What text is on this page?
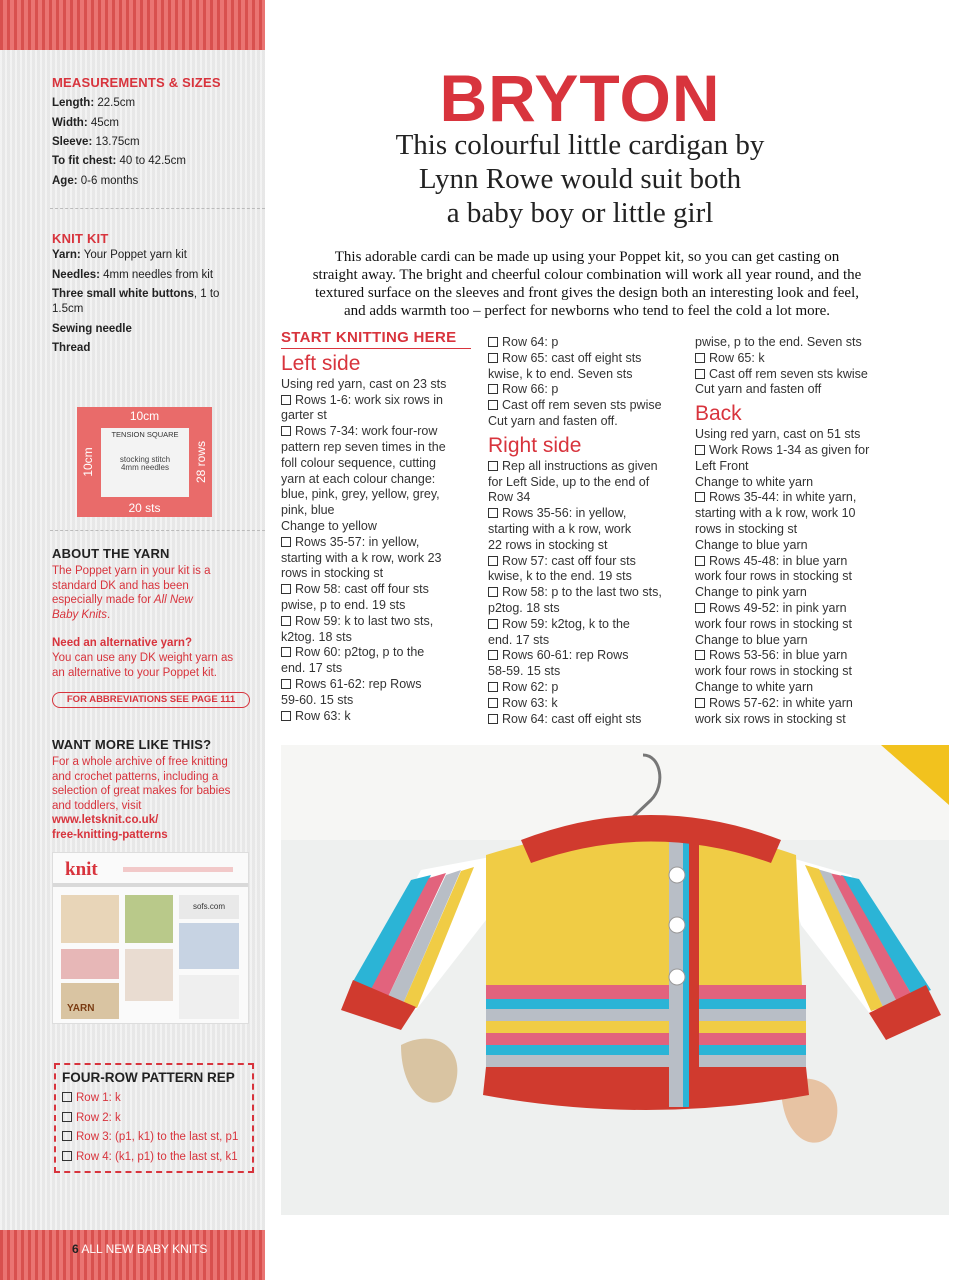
MEASUREMENTS & SIZES
Length: 22.5cm
Width: 45cm
Sleeve: 13.75cm
To fit chest: 40 to 42.5cm
Age: 0-6 months
KNIT KIT
Yarn: Your Poppet yarn kit
Needles: 4mm needles from kit
Three small white buttons, 1 to
1.5cm
Sewing needle
Thread
10cm
TENSION SQUARE
stocking stitch
4mm needles
10cm	28 rows
20 sts
ABOUT THE YARN
The Poppet yarn in your kit is a
standard DK and has been
especially made for All New
Baby Knits.
Need an alternative yarn?
You can use any DK weight yarn as
an alternative to your Poppet kit.
FOR ABBREVIATIONS SEE PAGE 111
WANT MORE LIKE THIS?
For a whole archive of free knitting
and crochet patterns, including a
selection of great makes for babies
and toddlers, visit
www.letsknit.co.uk/
free-knitting-patterns
knit
sofs.com
YARN
FOUR-ROW PATTERN REP
Row 1: k
Row 2: k
Row 3: (p1, k1) to the last st, p1
Row 4: (k1, p1) to the last st, k1
6 ALL NEW BABY KNITS
BRYTON
This colourful little cardigan by
Lynn Rowe would suit both
a baby boy or little girl
This adorable cardi can be made up using your Poppet kit, so you can get casting on
straight away. The bright and cheerful colour combination will work all year round, and the
textured surface on the sleeves and front gives the design both an interesting look and feel,
and adds warmth too – perfect for newborns who tend to feel the cold a lot more.
START KNITTING HERE
Left side
Using red yarn, cast on 23 sts
Rows 1-6: work six rows in
garter st
Rows 7-34: work four-row
pattern rep seven times in the
foll colour sequence, cutting
yarn at each colour change:
blue, pink, grey, yellow, grey,
pink, blue
Change to yellow
Rows 35-57: in yellow,
starting with a k row, work 23
rows in stocking st
Row 58: cast off four sts
pwise, p to end. 19 sts
Row 59: k to last two sts,
k2tog. 18 sts
Row 60: p2tog, p to the
end. 17 sts
Rows 61-62: rep Rows
59-60. 15 sts
Row 63: k
Row 64: p
Row 65: cast off eight sts
kwise, k to end. Seven sts
Row 66: p
Cast off rem seven sts pwise
Cut yarn and fasten off.
Right side
Rep all instructions as given
for Left Side, up to the end of
Row 34
Rows 35-56: in yellow,
starting with a k row, work
22 rows in stocking st
Row 57: cast off four sts
kwise, k to the end. 19 sts
Row 58: p to the last two sts,
p2tog. 18 sts
Row 59: k2tog, k to the
end. 17 sts
Rows 60-61: rep Rows
58-59. 15 sts
Row 62: p
Row 63: k
Row 64: cast off eight sts
pwise, p to the end. Seven sts
Row 65: k
Cast off rem seven sts kwise
Cut yarn and fasten off
Back
Using red yarn, cast on 51 sts
Work Rows 1-34 as given for
Left Front
Change to white yarn
Rows 35-44: in white yarn,
starting with a k row, work 10
rows in stocking st
Change to blue yarn
Rows 45-48: in blue yarn
work four rows in stocking st
Change to pink yarn
Rows 49-52: in pink yarn
work four rows in stocking st
Change to blue yarn
Rows 53-56: in blue yarn
work four rows in stocking st
Change to white yarn
Rows 57-62: in white yarn
work six rows in stocking st
